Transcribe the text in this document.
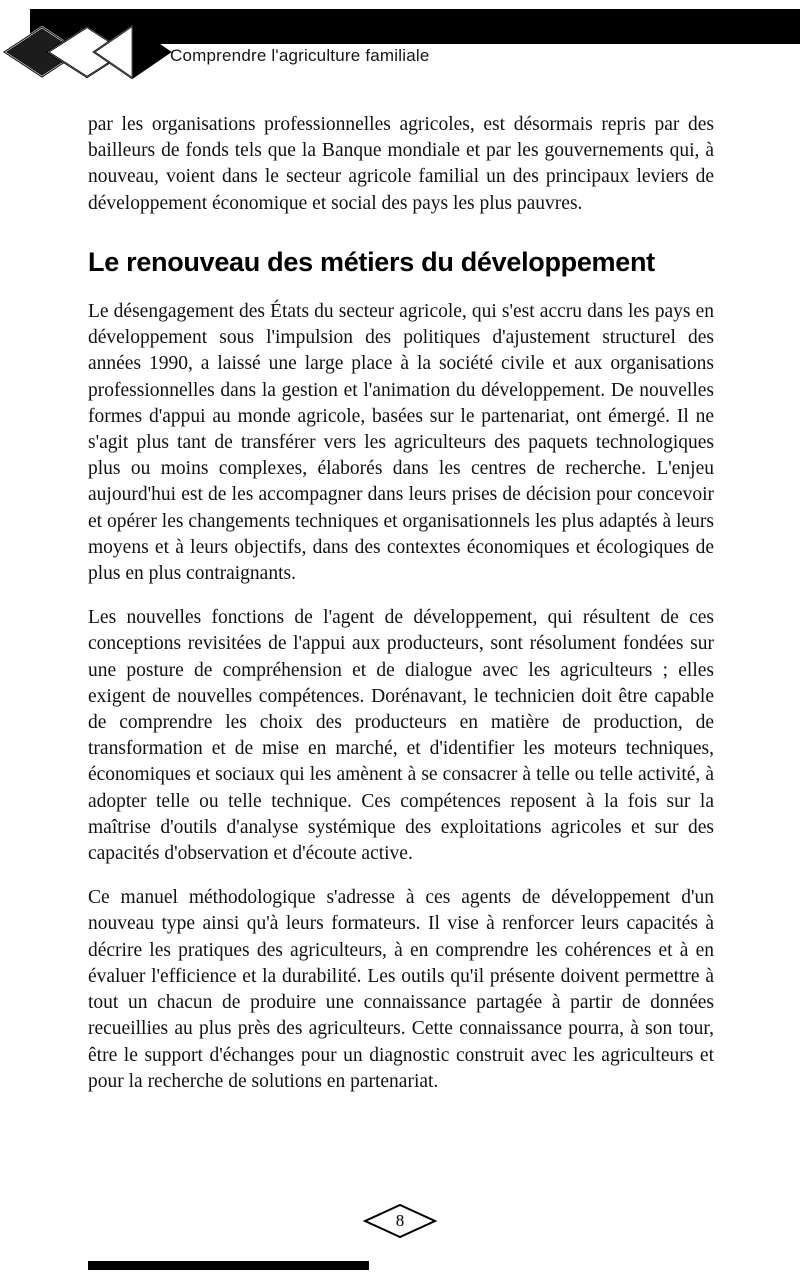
Comprendre l'agriculture familiale

par les organisations professionnelles agricoles, est désormais repris par des bailleurs de fonds tels que la Banque mondiale et par les gouvernements qui, à nouveau, voient dans le secteur agricole familial un des principaux leviers de développement économique et social des pays les plus pauvres.

Le renouveau des métiers du développement

Le désengagement des États du secteur agricole, qui s'est accru dans les pays en développement sous l'impulsion des politiques d'ajustement structurel des années 1990, a laissé une large place à la société civile et aux organisations professionnelles dans la gestion et l'animation du développement. De nouvelles formes d'appui au monde agricole, basées sur le partenariat, ont émergé. Il ne s'agit plus tant de transférer vers les agriculteurs des paquets technologiques plus ou moins complexes, élaborés dans les centres de recherche. L'enjeu aujourd'hui est de les accompagner dans leurs prises de décision pour concevoir et opérer les changements techniques et organisationnels les plus adaptés à leurs moyens et à leurs objectifs, dans des contextes économiques et écologiques de plus en plus contraignants.

Les nouvelles fonctions de l'agent de développement, qui résultent de ces conceptions revisitées de l'appui aux producteurs, sont résolument fondées sur une posture de compréhension et de dialogue avec les agriculteurs ; elles exigent de nouvelles compétences. Dorénavant, le technicien doit être capable de comprendre les choix des producteurs en matière de production, de transformation et de mise en marché, et d'identifier les moteurs techniques, économiques et sociaux qui les amènent à se consacrer à telle ou telle activité, à adopter telle ou telle technique. Ces compétences reposent à la fois sur la maîtrise d'outils d'analyse systémique des exploitations agricoles et sur des capacités d'observation et d'écoute active.

Ce manuel méthodologique s'adresse à ces agents de développement d'un nouveau type ainsi qu'à leurs formateurs. Il vise à renforcer leurs capacités à décrire les pratiques des agriculteurs, à en comprendre les cohérences et à en évaluer l'efficience et la durabilité. Les outils qu'il présente doivent permettre à tout un chacun de produire une connaissance partagée à partir de données recueillies au plus près des agriculteurs. Cette connaissance pourra, à son tour, être le support d'échanges pour un diagnostic construit avec les agriculteurs et pour la recherche de solutions en partenariat.

8
